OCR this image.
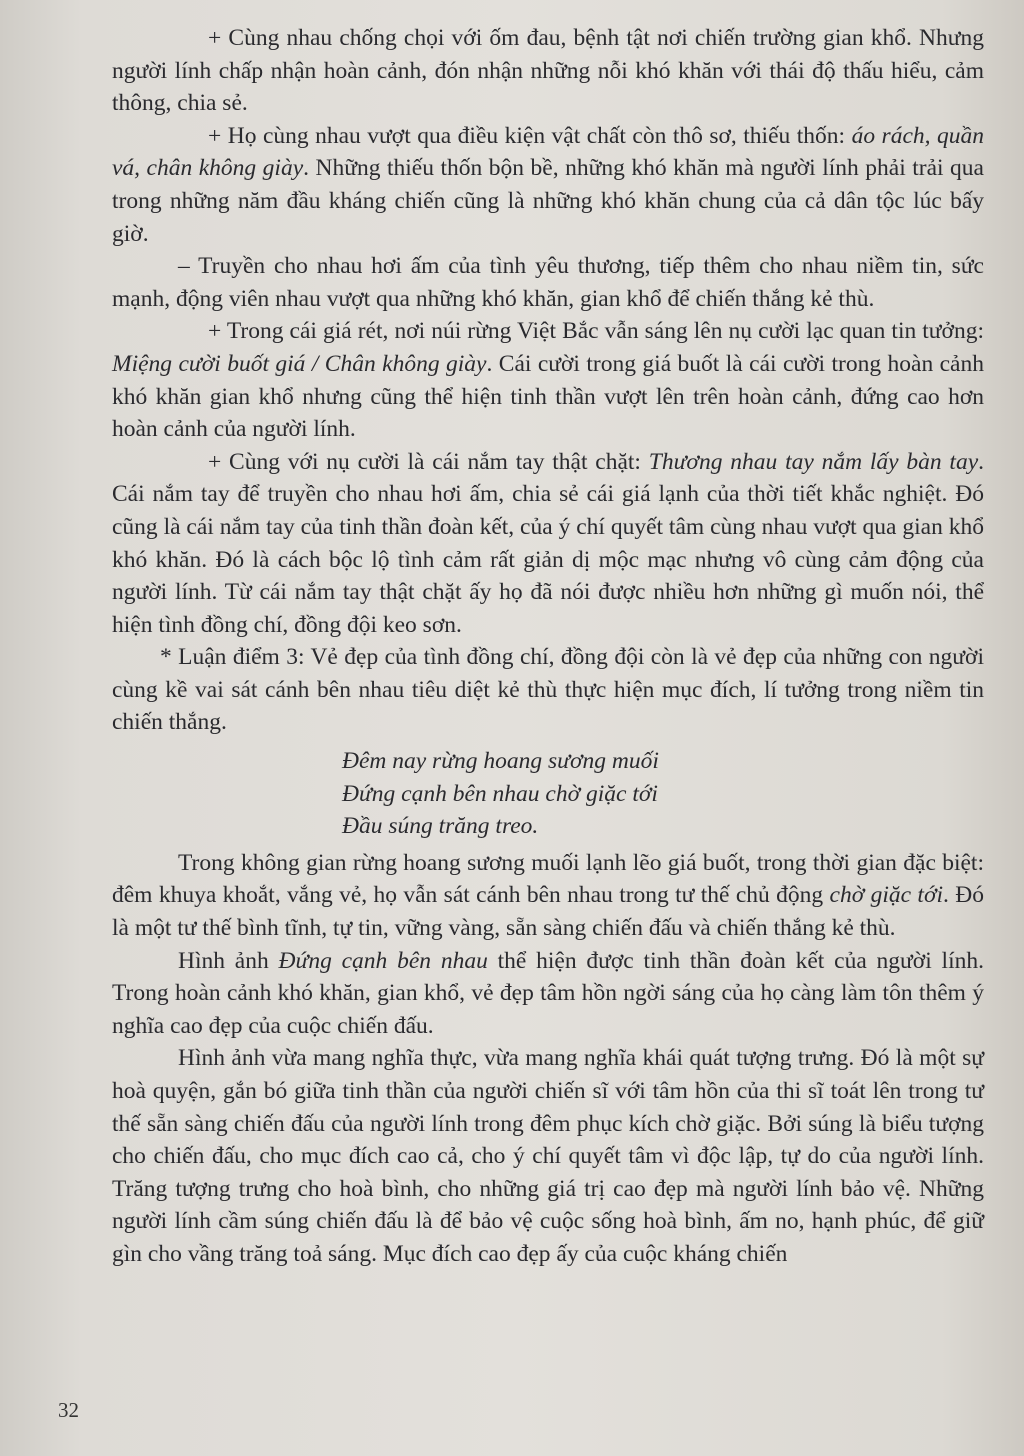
+ Cùng nhau chống chọi với ốm đau, bệnh tật nơi chiến trường gian khổ. Nhưng người lính chấp nhận hoàn cảnh, đón nhận những nỗi khó khăn với thái độ thấu hiểu, cảm thông, chia sẻ.

+ Họ cùng nhau vượt qua điều kiện vật chất còn thô sơ, thiếu thốn: áo rách, quần vá, chân không giày. Những thiếu thốn bộn bề, những khó khăn mà người lính phải trải qua trong những năm đầu kháng chiến cũng là những khó khăn chung của cả dân tộc lúc bấy giờ.

– Truyền cho nhau hơi ấm của tình yêu thương, tiếp thêm cho nhau niềm tin, sức mạnh, động viên nhau vượt qua những khó khăn, gian khổ để chiến thắng kẻ thù.

+ Trong cái giá rét, nơi núi rừng Việt Bắc vẫn sáng lên nụ cười lạc quan tin tưởng: Miệng cười buốt giá / Chân không giày. Cái cười trong giá buốt là cái cười trong hoàn cảnh khó khăn gian khổ nhưng cũng thể hiện tinh thần vượt lên trên hoàn cảnh, đứng cao hơn hoàn cảnh của người lính.

+ Cùng với nụ cười là cái nắm tay thật chặt: Thương nhau tay nắm lấy bàn tay. Cái nắm tay để truyền cho nhau hơi ấm, chia sẻ cái giá lạnh của thời tiết khắc nghiệt. Đó cũng là cái nắm tay của tinh thần đoàn kết, của ý chí quyết tâm cùng nhau vượt qua gian khổ khó khăn. Đó là cách bộc lộ tình cảm rất giản dị mộc mạc nhưng vô cùng cảm động của người lính. Từ cái nắm tay thật chặt ấy họ đã nói được nhiều hơn những gì muốn nói, thể hiện tình đồng chí, đồng đội keo sơn.

* Luận điểm 3: Vẻ đẹp của tình đồng chí, đồng đội còn là vẻ đẹp của những con người cùng kề vai sát cánh bên nhau tiêu diệt kẻ thù thực hiện mục đích, lí tưởng trong niềm tin chiến thắng.

Đêm nay rừng hoang sương muối
Đứng cạnh bên nhau chờ giặc tới
Đầu súng trăng treo.

Trong không gian rừng hoang sương muối lạnh lẽo giá buốt, trong thời gian đặc biệt: đêm khuya khoắt, vắng vẻ, họ vẫn sát cánh bên nhau trong tư thế chủ động chờ giặc tới. Đó là một tư thế bình tĩnh, tự tin, vững vàng, sẵn sàng chiến đấu và chiến thắng kẻ thù.

Hình ảnh Đứng cạnh bên nhau thể hiện được tinh thần đoàn kết của người lính. Trong hoàn cảnh khó khăn, gian khổ, vẻ đẹp tâm hồn ngời sáng của họ càng làm tôn thêm ý nghĩa cao đẹp của cuộc chiến đấu.

Hình ảnh vừa mang nghĩa thực, vừa mang nghĩa khái quát tượng trưng. Đó là một sự hoà quyện, gắn bó giữa tinh thần của người chiến sĩ với tâm hồn của thi sĩ toát lên trong tư thế sẵn sàng chiến đấu của người lính trong đêm phục kích chờ giặc. Bởi súng là biểu tượng cho chiến đấu, cho mục đích cao cả, cho ý chí quyết tâm vì độc lập, tự do của người lính. Trăng tượng trưng cho hoà bình, cho những giá trị cao đẹp mà người lính bảo vệ. Những người lính cầm súng chiến đấu là để bảo vệ cuộc sống hoà bình, ấm no, hạnh phúc, để giữ gìn cho vầng trăng toả sáng. Mục đích cao đẹp ấy của cuộc kháng chiến

32
